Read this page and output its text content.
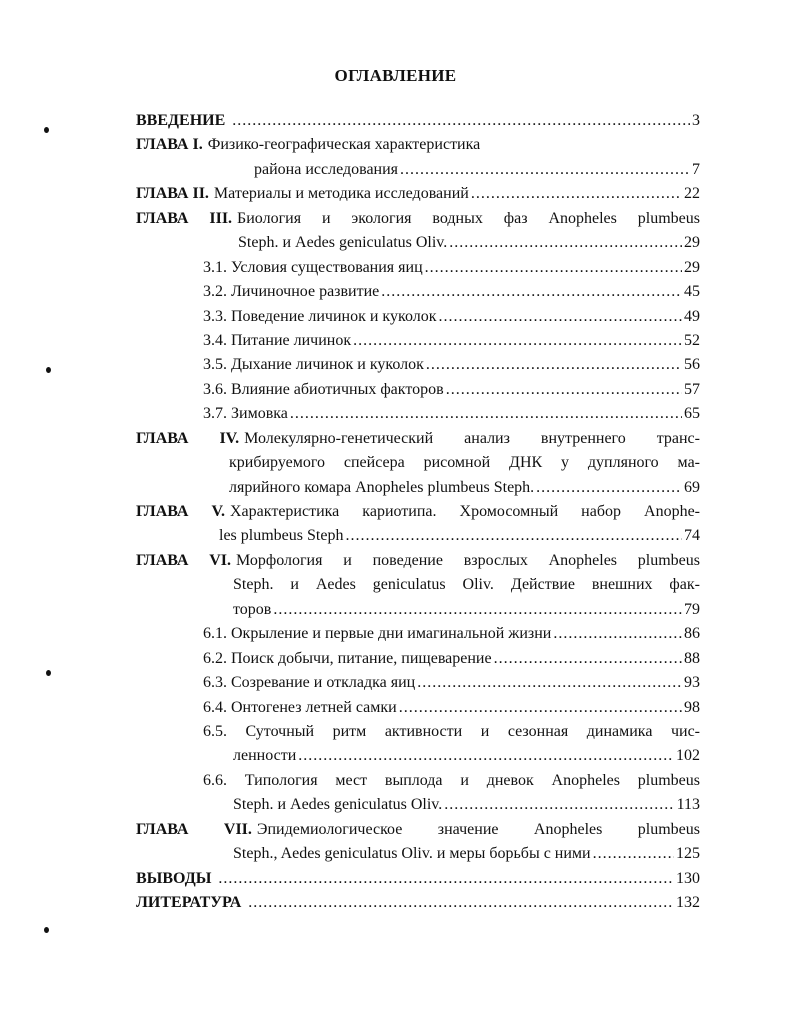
ОГЛАВЛЕНИЕ
ВВЕДЕНИЕ .....	3
ГЛАВА I. Физико-географическая характеристика
района исследования .....	7
ГЛАВА II. Материалы и методика исследований .....	22
ГЛАВА III. Биология и экология водных фаз Anopheles plumbeus
Steph. и Aedes geniculatus Oliv. .....	29
3.1. Условия существования яиц .....	29
3.2. Личиночное развитие .....	45
3.3. Поведение личинок и куколок .....	49
3.4. Питание личинок .....	52
3.5. Дыхание личинок и куколок .....	56
3.6. Влияние абиотичных факторов .....	57
3.7. Зимовка .....	65
ГЛАВА IV. Молекулярно-генетический анализ внутреннего транс-
крибируемого спейсера рисомной ДНК у дупляного ма-
лярийного комара Anopheles plumbeus Steph. .....	69
ГЛАВА V. Характеристика кариотипа. Хромосомный набор Anophe-
les plumbeus Steph .....	74
ГЛАВА VI. Морфология и поведение взрослых Anopheles plumbeus
Steph. и Aedes geniculatus Oliv. Действие внешних фак-
торов .....	79
6.1. Окрыление и первые дни имагинальной жизни .....	86
6.2. Поиск добычи, питание, пищеварение .....	88
6.3. Созревание и откладка яиц .....	93
6.4. Онтогенез летней самки .....	98
6.5. Суточный ритм активности и сезонная динамика чис-
ленности .....	102
6.6. Типология мест выплода и дневок Anopheles plumbeus
Steph. и Aedes geniculatus Oliv. .....	113
ГЛАВА VII. Эпидемиологическое значение Anopheles plumbeus
Steph., Aedes geniculatus Oliv. и меры борьбы с ними .....	125
ВЫВОДЫ .....	130
ЛИТЕРАТУРА .....	132
